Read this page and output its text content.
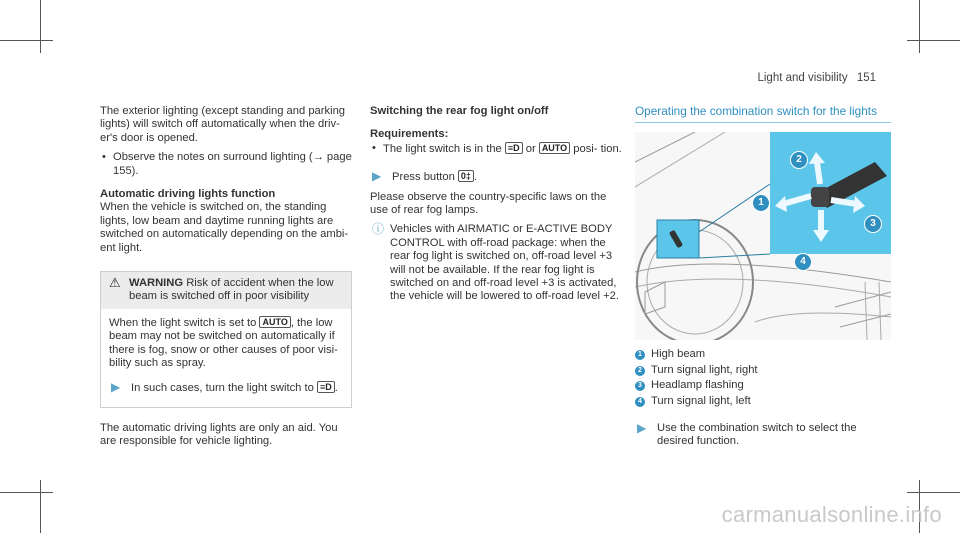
Light and visibility 151

The exterior lighting (except standing and parking lights) will switch off automatically when the driv- er's door is opened.

• Observe the notes on surround lighting (→ page 155).

Automatic driving lights function

When the vehicle is switched on, the standing lights, low beam and daytime running lights are switched on automatically depending on the ambi- ent light.

⚠ WARNING Risk of accident when the low beam is switched off in poor visibility

When the light switch is set to AUTO , the low beam may not be switched on automatically if there is fog, snow or other causes of poor visi- bility such as spray.

▶ In such cases, turn the light switch to ≡D .

The automatic driving lights are only an aid. You are responsible for vehicle lighting.

Switching the rear fog light on/off

Requirements:

• The light switch is in the ≡D or AUTO posi- tion.

▶ Press button 0‡ .

Please observe the country-specific laws on the use of rear fog lamps.

ⓘ Vehicles with AIRMATIC or E-ACTIVE BODY CONTROL with off-road package: when the rear fog light is switched on, off-road level +3 will not be available. If the rear fog light is switched on and off-road level +3 is activated, the vehicle will be lowered to off-road level +2.

Operating the combination switch for the lights
1
2
3
4

1 High beam

2 Turn signal light, right

3 Headlamp flashing

4 Turn signal light, left

▶ Use the combination switch to select the desired function.

carmanualsonline.info
